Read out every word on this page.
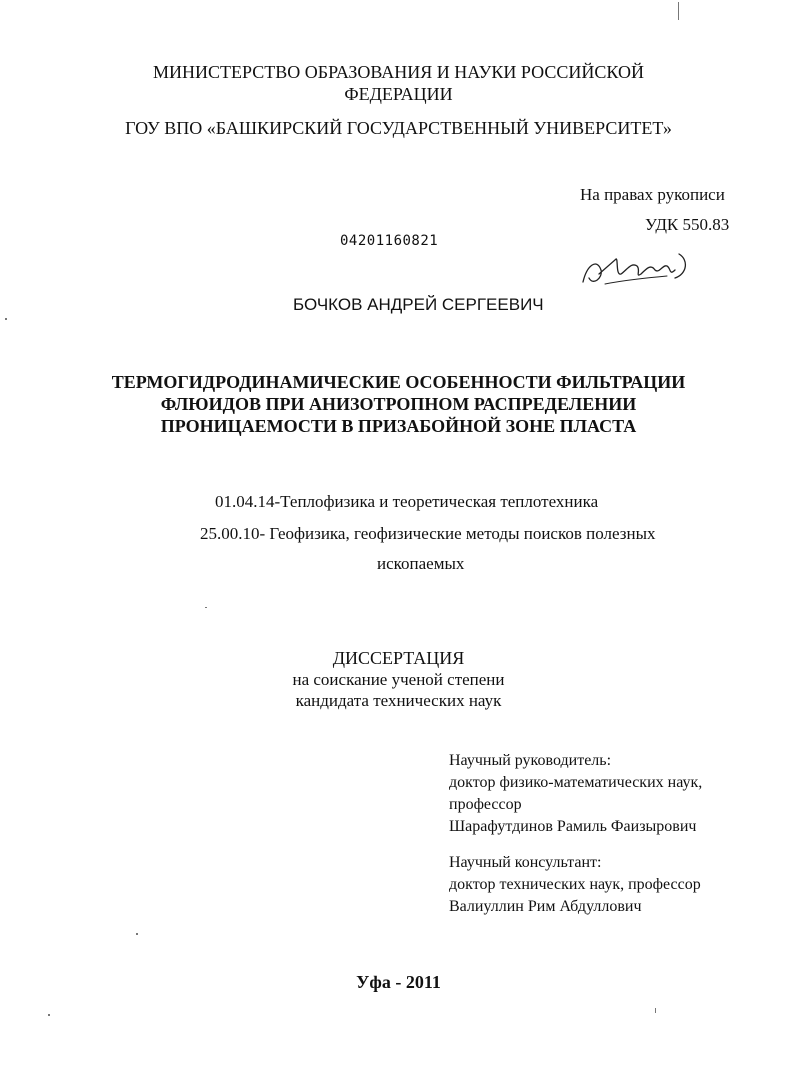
МИНИСТЕРСТВО ОБРАЗОВАНИЯ И НАУКИ РОССИЙСКОЙ
ФЕДЕРАЦИИ
ГОУ ВПО «БАШКИРСКИЙ ГОСУДАРСТВЕННЫЙ УНИВЕРСИТЕТ»
На правах рукописи
УДК 550.83
04201160821
БОЧКОВ АНДРЕЙ СЕРГЕЕВИЧ
ТЕРМОГИДРОДИНАМИЧЕСКИЕ ОСОБЕННОСТИ ФИЛЬТРАЦИИ
ФЛЮИДОВ ПРИ АНИЗОТРОПНОМ РАСПРЕДЕЛЕНИИ
ПРОНИЦАЕМОСТИ В ПРИЗАБОЙНОЙ ЗОНЕ ПЛАСТА
01.04.14-Теплофизика и теоретическая теплотехника
25.00.10- Геофизика, геофизические методы поисков полезных
ископаемых
ДИССЕРТАЦИЯ
на соискание ученой степени
кандидата технических наук
Научный руководитель:
доктор физико-математических наук,
профессор
Шарафутдинов Рамиль Фаизырович
Научный консультант:
доктор технических наук, профессор
Валиуллин Рим Абдуллович
Уфа - 2011
